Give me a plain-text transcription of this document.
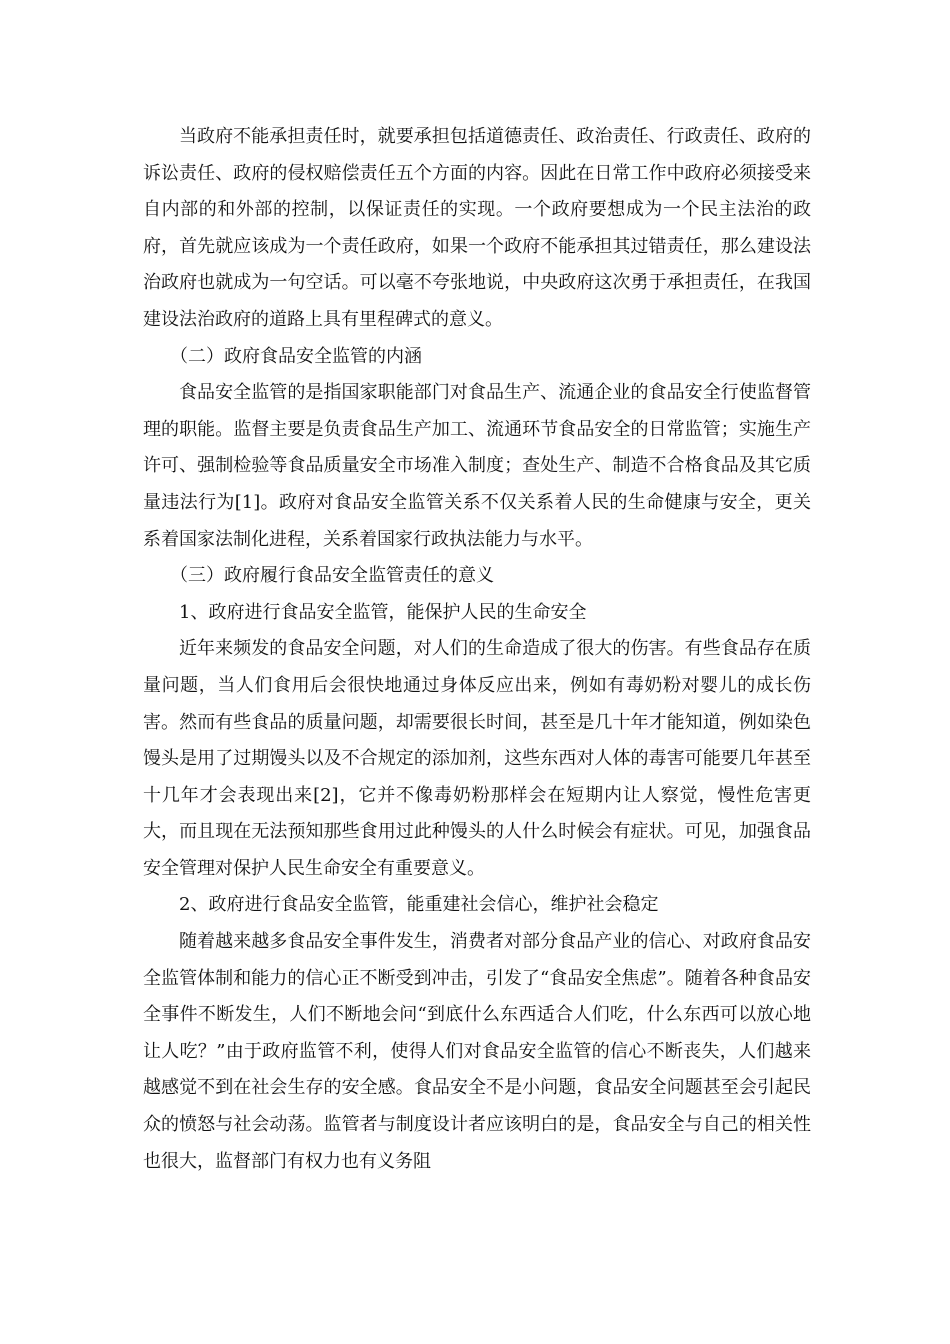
当政府不能承担责任时，就要承担包括道德责任、政治责任、行政责任、政府的诉讼责任、政府的侵权赔偿责任五个方面的内容。因此在日常工作中政府必须接受来自内部的和外部的控制，以保证责任的实现。一个政府要想成为一个民主法治的政府，首先就应该成为一个责任政府，如果一个政府不能承担其过错责任，那么建设法治政府也就成为一句空话。可以毫不夸张地说，中央政府这次勇于承担责任，在我国建设法治政府的道路上具有里程碑式的意义。

（二）政府食品安全监管的内涵

食品安全监管的是指国家职能部门对食品生产、流通企业的食品安全行使监督管理的职能。监督主要是负责食品生产加工、流通环节食品安全的日常监管；实施生产许可、强制检验等食品质量安全市场准入制度；查处生产、制造不合格食品及其它质量违法行为[1]。政府对食品安全监管关系不仅关系着人民的生命健康与安全，更关系着国家法制化进程，关系着国家行政执法能力与水平。

（三）政府履行食品安全监管责任的意义

1、政府进行食品安全监管，能保护人民的生命安全

近年来频发的食品安全问题，对人们的生命造成了很大的伤害。有些食品存在质量问题，当人们食用后会很快地通过身体反应出来，例如有毒奶粉对婴儿的成长伤害。然而有些食品的质量问题，却需要很长时间，甚至是几十年才能知道，例如染色馒头是用了过期馒头以及不合规定的添加剂，这些东西对人体的毒害可能要几年甚至十几年才会表现出来[2]，它并不像毒奶粉那样会在短期内让人察觉，慢性危害更大，而且现在无法预知那些食用过此种馒头的人什么时候会有症状。可见，加强食品安全管理对保护人民生命安全有重要意义。

2、政府进行食品安全监管，能重建社会信心，维护社会稳定

随着越来越多食品安全事件发生，消费者对部分食品产业的信心、对政府食品安全监管体制和能力的信心正不断受到冲击，引发了“食品安全焦虑”。随着各种食品安全事件不断发生，人们不断地会问“到底什么东西适合人们吃，什么东西可以放心地让人吃？”由于政府监管不利，使得人们对食品安全监管的信心不断丧失，人们越来越感觉不到在社会生存的安全感。食品安全不是小问题，食品安全问题甚至会引起民众的愤怒与社会动荡。监管者与制度设计者应该明白的是，食品安全与自己的相关性也很大，监督部门有权力也有义务阻
